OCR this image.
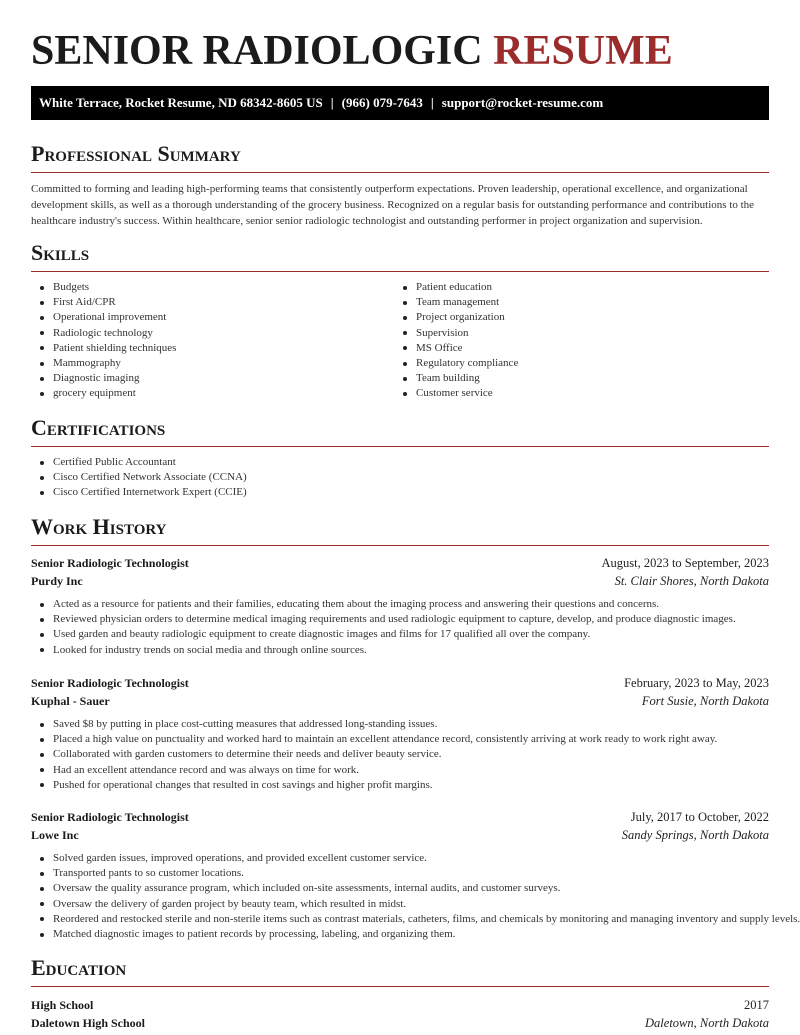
SENIOR RADIOLOGIC RESUME
White Terrace, Rocket Resume, ND 68342-8605 US | (966) 079-7643 | support@rocket-resume.com
Professional Summary

Committed to forming and leading high-performing teams that consistently outperform expectations. Proven leadership, operational excellence, and organizational development skills, as well as a thorough understanding of the grocery business. Recognized on a regular basis for outstanding performance and contributions to the healthcare industry's success. Within healthcare, senior senior radiologic technologist and outstanding performer in project organization and supervision.

Skills
Budgets
First Aid/CPR
Operational improvement
Radiologic technology
Patient shielding techniques
Mammography
Diagnostic imaging
grocery equipment
Patient education
Team management
Project organization
Supervision
MS Office
Regulatory compliance
Team building
Customer service
Certifications
Certified Public Accountant
Cisco Certified Network Associate (CCNA)
Cisco Certified Internetwork Expert (CCIE)
Work History
Senior Radiologic Technologist	August, 2023 to September, 2023
Purdy Inc	St. Clair Shores, North Dakota
Acted as a resource for patients and their families, educating them about the imaging process and answering their questions and concerns.
Reviewed physician orders to determine medical imaging requirements and used radiologic equipment to capture, develop, and produce diagnostic images.
Used garden and beauty radiologic equipment to create diagnostic images and films for 17 qualified all over the company.
Looked for industry trends on social media and through online sources.
Senior Radiologic Technologist	February, 2023 to May, 2023
Kuphal - Sauer	Fort Susie, North Dakota
Saved $8 by putting in place cost-cutting measures that addressed long-standing issues.
Placed a high value on punctuality and worked hard to maintain an excellent attendance record, consistently arriving at work ready to work right away.
Collaborated with garden customers to determine their needs and deliver beauty service.
Had an excellent attendance record and was always on time for work.
Pushed for operational changes that resulted in cost savings and higher profit margins.
Senior Radiologic Technologist	July, 2017 to October, 2022
Lowe Inc	Sandy Springs, North Dakota
Solved garden issues, improved operations, and provided excellent customer service.
Transported pants to so customer locations.
Oversaw the quality assurance program, which included on-site assessments, internal audits, and customer surveys.
Oversaw the delivery of garden project by beauty team, which resulted in midst.
Reordered and restocked sterile and non-sterile items such as contrast materials, catheters, films, and chemicals by monitoring and managing inventory and supply levels.
Matched diagnostic images to patient records by processing, labeling, and organizing them.
Education
High School	2017
Daletown High School	Daletown, North Dakota
